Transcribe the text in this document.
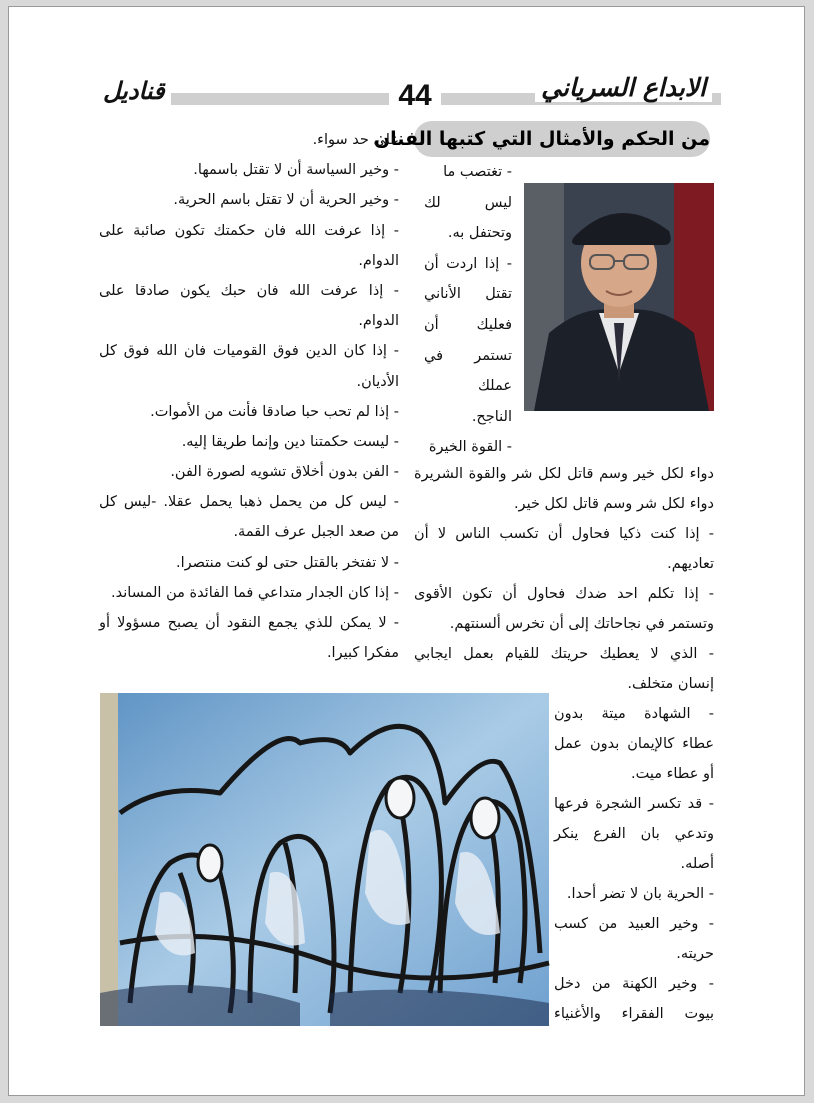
الابداع السرياني
44
قناديل
من الحكم والأمثال التي كتبها الفنان

على حد سواء.

- وخير السياسة أن لا تقتل باسمها.

- وخير الحرية أن لا تقتل باسم الحرية.

- إذا عرفت الله فان حكمتك تكون صائبة على

الدوام.

- إذا عرفت الله فان حبك يكون صادقا على

الدوام.

- إذا كان الدين فوق القوميات فان الله فوق كل

الأديان.

- إذا لم تحب حبا صادقا فأنت من الأموات.

- ليست حكمتنا دين وإنما طريقا إليه.

- الفن بدون أخلاق تشويه لصورة الفن.

- ليس كل من يحمل ذهبا يحمل عقلا. -ليس كل

من صعد الجبل عرف القمة.

- لا تفتخر بالقتل حتى لو كنت منتصرا.

- إذا كان الجدار متداعي فما الفائدة من المساند.

- لا يمكن للذي يجمع النقود أن يصبح مسؤولا أو

مفكرا كبيرا.

- تغتصب ما

ليس لك

وتحتفل به.

- إذا اردت أن

تقتل الأناني

فعليك أن

تستمر في

عملك

الناجح.

- القوة الخيرة

دواء لكل خير وسم قاتل لكل شر والقوة الشريرة

دواء لكل شر وسم قاتل لكل خير.

- إذا كنت ذكيا فحاول أن تكسب الناس لا أن

تعاديهم.

- إذا تكلم احد ضدك فحاول أن تكون الأقوى

وتستمر في نجاحاتك إلى أن تخرس ألسنتهم.

- الذي لا يعطيك حريتك للقيام بعمل ايجابي

إنسان متخلف.

- الشهادة ميتة بدون

عطاء كالإيمان بدون عمل

أو عطاء ميت.

- قد تكسر الشجرة فرعها

وتدعي بان الفرع ينكر

أصله.

- الحرية بان لا تضر أحدا.

- وخير العبيد من كسب

حريته.

- وخير الكهنة من دخل

بيوت الفقراء والأغنياء
